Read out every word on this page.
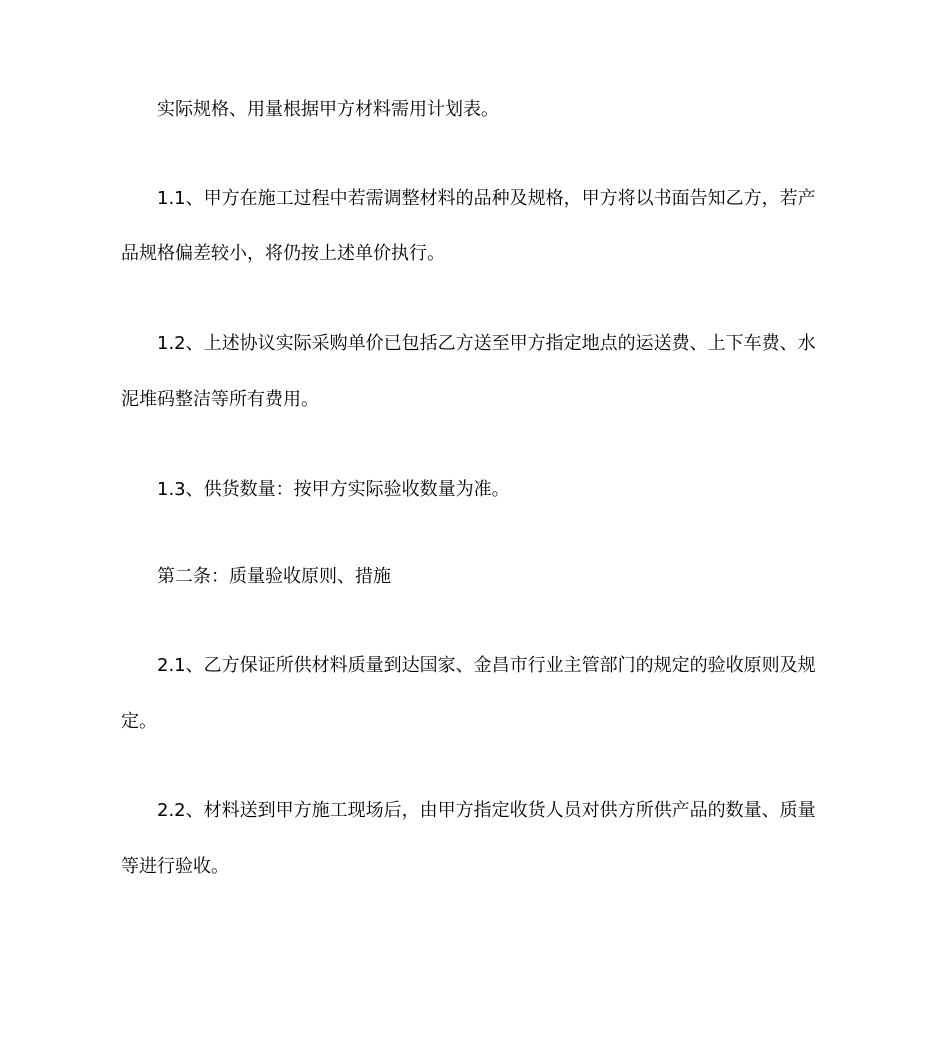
实际规格、用量根据甲方材料需用计划表。
1.1、甲方在施工过程中若需调整材料的品种及规格，甲方将以书面告知乙方，若产
品规格偏差较小，将仍按上述单价执行。
1.2、上述协议实际采购单价已包括乙方送至甲方指定地点的运送费、上下车费、水
泥堆码整洁等所有费用。
1.3、供货数量：按甲方实际验收数量为准。
第二条：质量验收原则、措施
2.1、乙方保证所供材料质量到达国家、金昌市行业主管部门的规定的验收原则及规
定。
2.2、材料送到甲方施工现场后，由甲方指定收货人员对供方所供产品的数量、质量
等进行验收。
